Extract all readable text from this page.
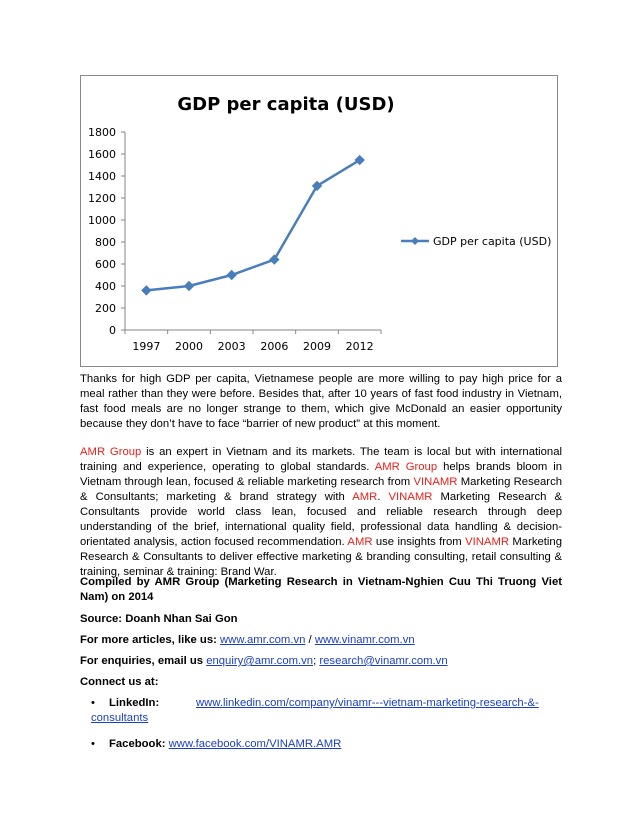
GDP per capita (USD)
0
200
400
600
800
1000
1200
1400
1600
1800
1997 2000 2003 2006 2009 2012
GDP per capita (USD)

Thanks for high GDP per capita, Vietnamese people are more willing to pay high price for a meal rather than they were before. Besides that, after 10 years of fast food industry in Vietnam, fast food meals are no longer strange to them, which give McDonald an easier opportunity because they don’t have to face “barrier of new product” at this moment.

AMR Group is an expert in Vietnam and its markets. The team is local but with international training and experience, operating to global standards. AMR Group helps brands bloom in Vietnam through lean, focused & reliable marketing research from VINAMR Marketing Research & Consultants; marketing & brand strategy with AMR. VINAMR Marketing Research & Consultants provide world class lean, focused and reliable research through deep understanding of the brief, international quality field, professional data handling & decision-orientated analysis, action focused recommendation. AMR use insights from VINAMR Marketing Research & Consultants to deliver effective marketing & branding consulting, retail consulting & training, seminar & training: Brand War.

Compiled by AMR Group (Marketing Research in Vietnam-Nghien Cuu Thi Truong Viet Nam) on 2014

Source: Doanh Nhan Sai Gon

For more articles, like us: www.amr.com.vn / www.vinamr.com.vn

For enquiries, email us enquiry@amr.com.vn; research@vinamr.com.vn

Connect us at:

• LinkedIn:	www.linkedin.com/company/vinamr---vietnam-marketing-research-&-
consultants
• Facebook: www.facebook.com/VINAMR.AMR
